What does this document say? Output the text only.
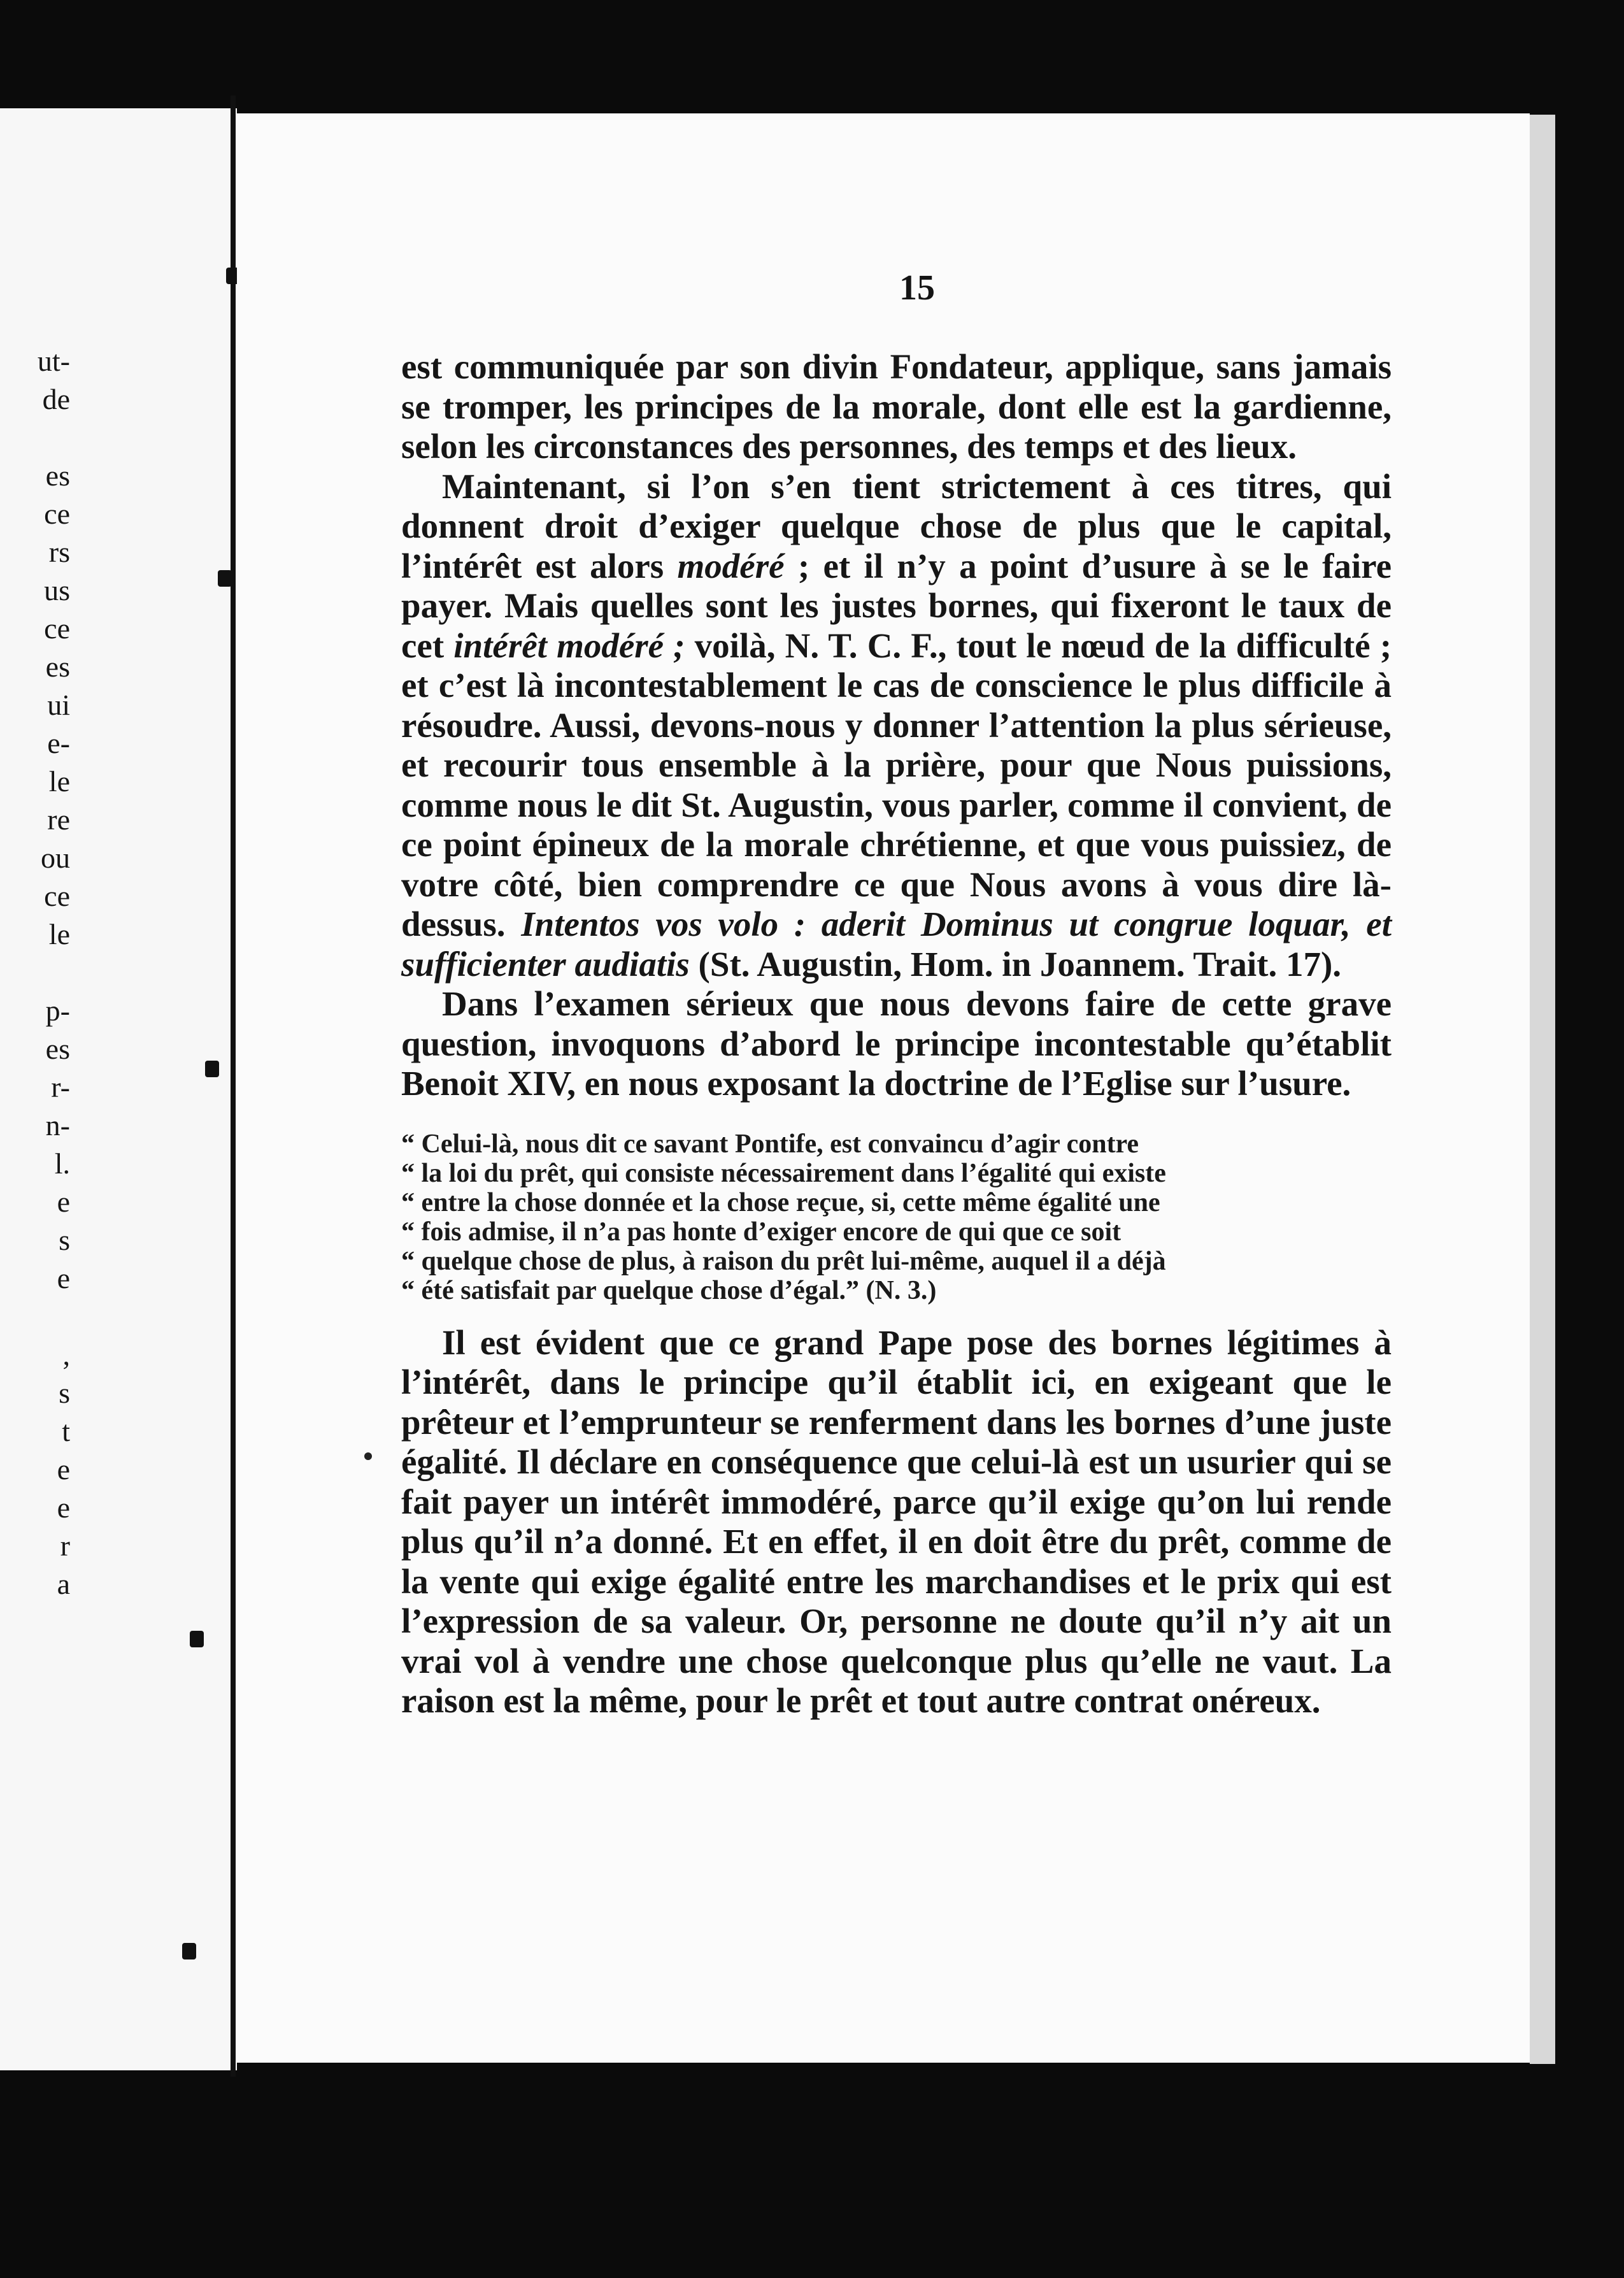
ut-
de
es
ce
rs
us
ce
es
ui
e-
le
re
ou
ce
le
p-
es
r-
n-
l.
e
s
e
,
s
t
e
e
r
a
15

est communiquée par son divin Fondateur, applique, sans jamais se tromper, les principes de la morale, dont elle est la gardienne, selon les circonstances des personnes, des temps et des lieux.

Maintenant, si l’on s’en tient strictement à ces titres, qui donnent droit d’exiger quelque chose de plus que le capital, l’intérêt est alors modéré ; et il n’y a point d’usure à se le faire payer. Mais quelles sont les justes bornes, qui fixeront le taux de cet intérêt modéré ; voilà, N. T. C. F., tout le nœud de la difficulté ; et c’est là incontestablement le cas de conscience le plus difficile à résoudre. Aussi, devons-nous y donner l’attention la plus sérieuse, et recourir tous ensemble à la prière, pour que Nous puissions, comme nous le dit St. Augustin, vous parler, comme il convient, de ce point épineux de la morale chrétienne, et que vous puissiez, de votre côté, bien comprendre ce que Nous avons à vous dire là-dessus. Intentos vos volo : aderit Dominus ut congrue loquar, et sufficienter audiatis (St. Augustin, Hom. in Joannem. Trait. 17).

Dans l’examen sérieux que nous devons faire de cette grave question, invoquons d’abord le principe incontestable qu’établit Benoit XIV, en nous exposant la doctrine de l’Eglise sur l’usure.

“ Celui-là, nous dit ce savant Pontife, est convaincu d’agir contre
“ la loi du prêt, qui consiste nécessairement dans l’égalité qui existe
“ entre la chose donnée et la chose reçue, si, cette même égalité une
“ fois admise, il n’a pas honte d’exiger encore de qui que ce soit
“ quelque chose de plus, à raison du prêt lui-même, auquel il a déjà
“ été satisfait par quelque chose d’égal.” (N. 3.)

Il est évident que ce grand Pape pose des bornes légitimes à l’intérêt, dans le principe qu’il établit ici, en exigeant que le prêteur et l’emprunteur se renferment dans les bornes d’une juste égalité. Il déclare en conséquence que celui-là est un usurier qui se fait payer un intérêt immodéré, parce qu’il exige qu’on lui rende plus qu’il n’a donné. Et en effet, il en doit être du prêt, comme de la vente qui exige égalité entre les marchandises et le prix qui est l’expression de sa valeur. Or, personne ne doute qu’il n’y ait un vrai vol à vendre une chose quelconque plus qu’elle ne vaut. La raison est la même, pour le prêt et tout autre contrat onéreux.
